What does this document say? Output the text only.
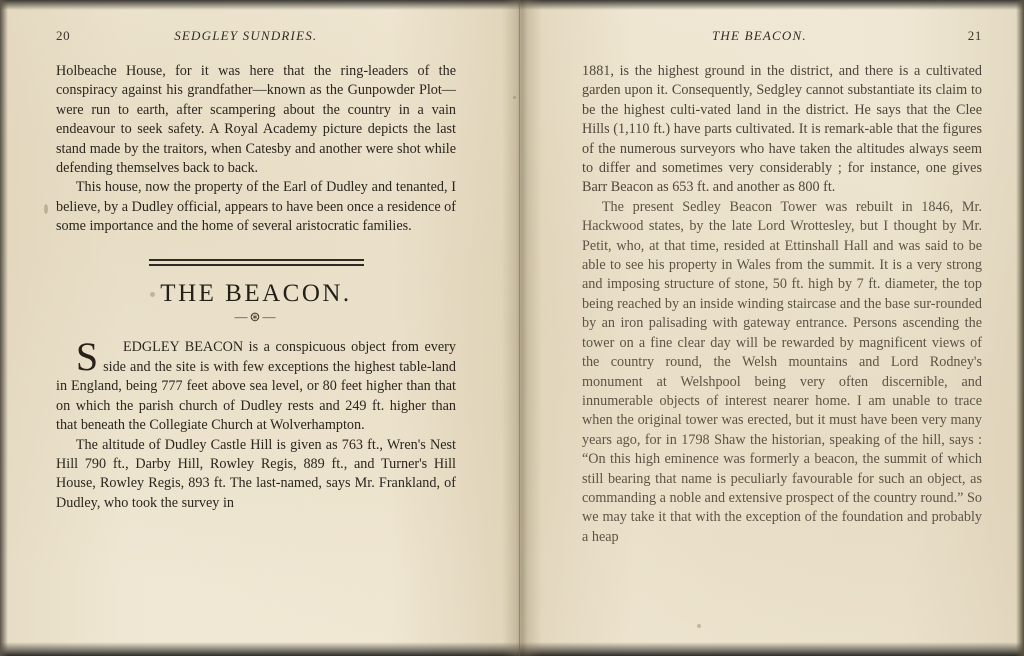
20	SEDGLEY SUNDRIES.

Holbeache House, for it was here that the ring-leaders of the conspiracy against his grandfather—known as the Gunpowder Plot—were run to earth, after scampering about the country in a vain endeavour to seek safety. A Royal Academy picture depicts the last stand made by the traitors, when Catesby and another were shot while defending themselves back to back.

This house, now the property of the Earl of Dudley and tenanted, I believe, by a Dudley official, appears to have been once a residence of some importance and the home of several aristocratic families.

THE BEACON.
—⊛—

S	EDGLEY BEACON is a conspicuous object from every side and the site is with few exceptions the highest table-land in England, being 777 feet above sea level, or 80 feet higher than that on which the parish church of Dudley rests and 249 ft. higher than that beneath the Collegiate Church at Wolverhampton.

The altitude of Dudley Castle Hill is given as 763 ft., Wren's Nest Hill 790 ft., Darby Hill, Rowley Regis, 889 ft., and Turner's Hill House, Rowley Regis, 893 ft. The last-named, says Mr. Frankland, of Dudley, who took the survey in

THE BEACON.	21

1881, is the highest ground in the district, and there is a cultivated garden upon it. Consequently, Sedgley cannot substantiate its claim to be the highest culti-vated land in the district. He says that the Clee Hills (1,110 ft.) have parts cultivated. It is remark-able that the figures of the numerous surveyors who have taken the altitudes always seem to differ and sometimes very considerably ; for instance, one gives Barr Beacon as 653 ft. and another as 800 ft.

The present Sedley Beacon Tower was rebuilt in 1846, Mr. Hackwood states, by the late Lord Wrottesley, but I thought by Mr. Petit, who, at that time, resided at Ettinshall Hall and was said to be able to see his property in Wales from the summit. It is a very strong and imposing structure of stone, 50 ft. high by 7 ft. diameter, the top being reached by an inside winding staircase and the base sur-rounded by an iron palisading with gateway entrance. Persons ascending the tower on a fine clear day will be rewarded by magnificent views of the country round, the Welsh mountains and Lord Rodney's monument at Welshpool being very often discernible, and innumerable objects of interest nearer home. I am unable to trace when the original tower was erected, but it must have been very many years ago, for in 1798 Shaw the historian, speaking of the hill, says : “On this high eminence was formerly a beacon, the summit of which still bearing that name is peculiarly favourable for such an object, as commanding a noble and extensive prospect of the country round.” So we may take it that with the exception of the foundation and probably a heap
